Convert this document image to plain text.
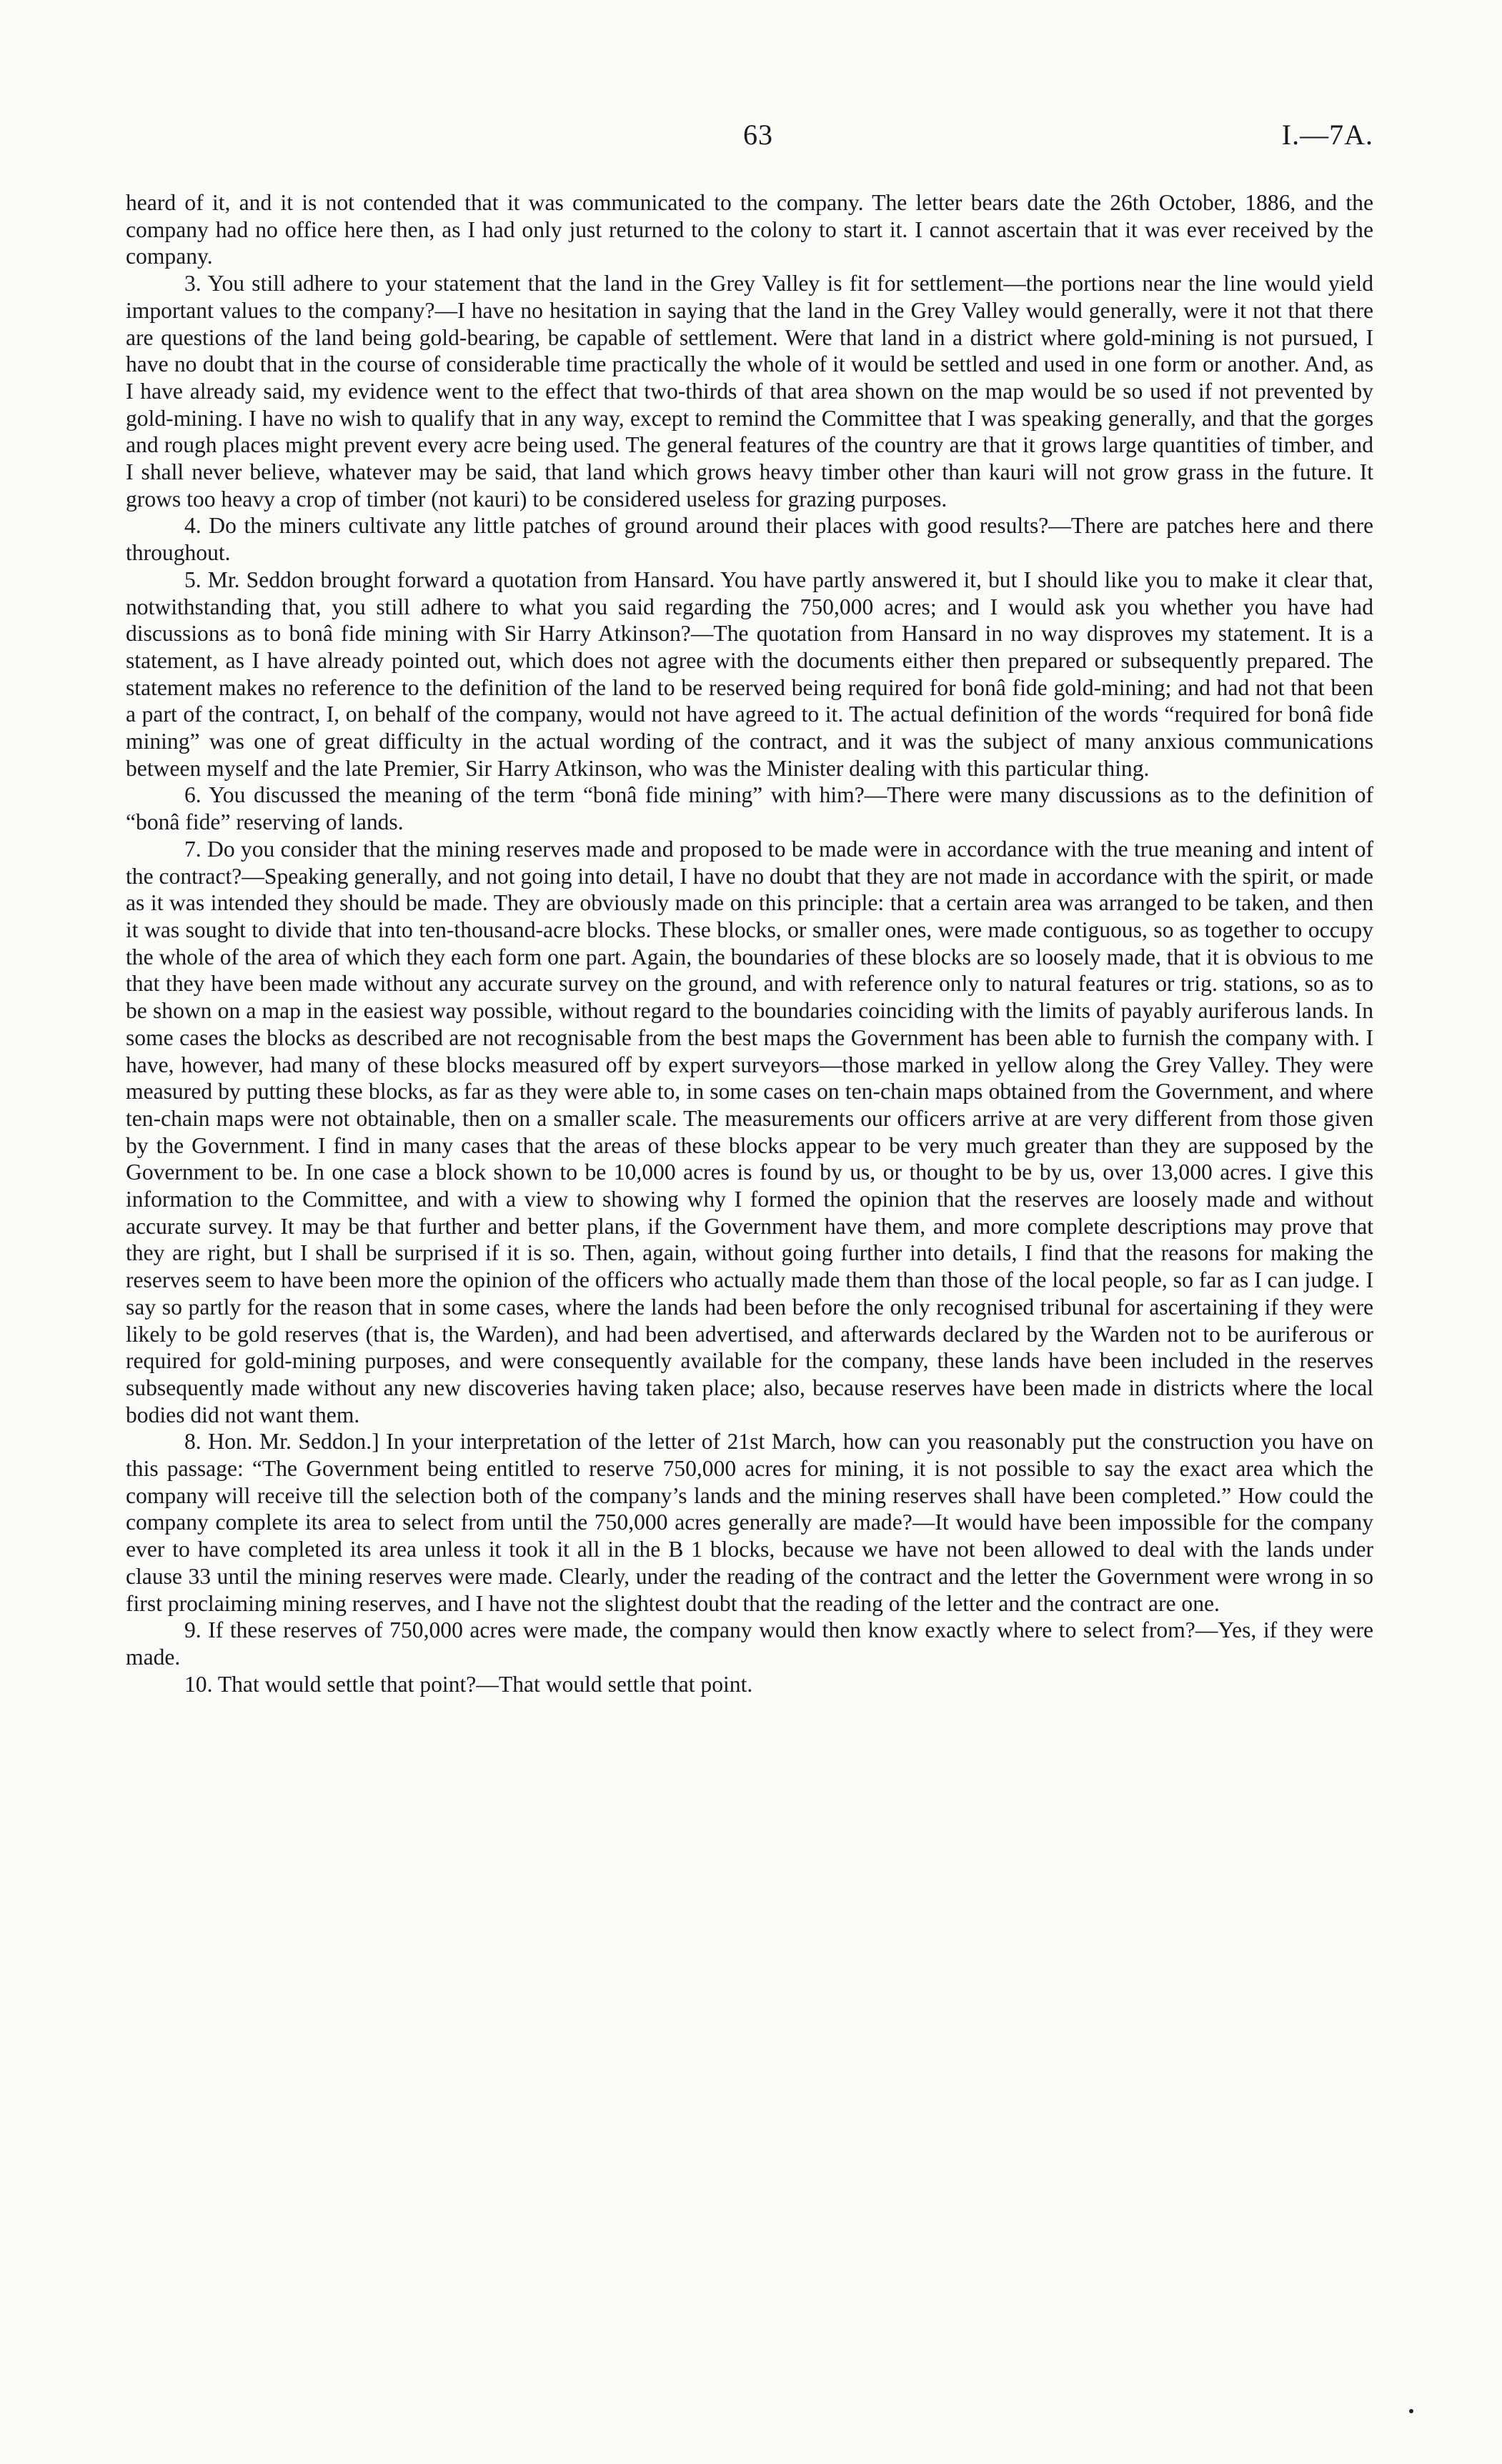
63	I.—7A.

heard of it, and it is not contended that it was communicated to the company. The letter bears date the 26th October, 1886, and the company had no office here then, as I had only just returned to the colony to start it. I cannot ascertain that it was ever received by the company.

3. You still adhere to your statement that the land in the Grey Valley is fit for settlement—the portions near the line would yield important values to the company?—I have no hesitation in saying that the land in the Grey Valley would generally, were it not that there are questions of the land being gold-bearing, be capable of settlement. Were that land in a district where gold-mining is not pursued, I have no doubt that in the course of considerable time practically the whole of it would be settled and used in one form or another. And, as I have already said, my evidence went to the effect that two-thirds of that area shown on the map would be so used if not prevented by gold-mining. I have no wish to qualify that in any way, except to remind the Committee that I was speaking generally, and that the gorges and rough places might prevent every acre being used. The general features of the country are that it grows large quantities of timber, and I shall never believe, whatever may be said, that land which grows heavy timber other than kauri will not grow grass in the future. It grows too heavy a crop of timber (not kauri) to be considered useless for grazing purposes.

4. Do the miners cultivate any little patches of ground around their places with good results?—There are patches here and there throughout.

5. Mr. Seddon brought forward a quotation from Hansard. You have partly answered it, but I should like you to make it clear that, notwithstanding that, you still adhere to what you said regarding the 750,000 acres; and I would ask you whether you have had discussions as to bonâ fide mining with Sir Harry Atkinson?—The quotation from Hansard in no way disproves my statement. It is a statement, as I have already pointed out, which does not agree with the documents either then prepared or subsequently prepared. The statement makes no reference to the definition of the land to be reserved being required for bonâ fide gold-mining; and had not that been a part of the contract, I, on behalf of the company, would not have agreed to it. The actual definition of the words “required for bonâ fide mining” was one of great difficulty in the actual wording of the contract, and it was the subject of many anxious communications between myself and the late Premier, Sir Harry Atkinson, who was the Minister dealing with this particular thing.

6. You discussed the meaning of the term “bonâ fide mining” with him?—There were many discussions as to the definition of “bonâ fide” reserving of lands.

7. Do you consider that the mining reserves made and proposed to be made were in accordance with the true meaning and intent of the contract?—Speaking generally, and not going into detail, I have no doubt that they are not made in accordance with the spirit, or made as it was intended they should be made. They are obviously made on this principle: that a certain area was arranged to be taken, and then it was sought to divide that into ten-thousand-acre blocks. These blocks, or smaller ones, were made contiguous, so as together to occupy the whole of the area of which they each form one part. Again, the boundaries of these blocks are so loosely made, that it is obvious to me that they have been made without any accurate survey on the ground, and with reference only to natural features or trig. stations, so as to be shown on a map in the easiest way possible, without regard to the boundaries coinciding with the limits of payably auriferous lands. In some cases the blocks as described are not recognisable from the best maps the Government has been able to furnish the company with. I have, however, had many of these blocks measured off by expert surveyors—those marked in yellow along the Grey Valley. They were measured by putting these blocks, as far as they were able to, in some cases on ten-chain maps obtained from the Government, and where ten-chain maps were not obtainable, then on a smaller scale. The measurements our officers arrive at are very different from those given by the Government. I find in many cases that the areas of these blocks appear to be very much greater than they are supposed by the Government to be. In one case a block shown to be 10,000 acres is found by us, or thought to be by us, over 13,000 acres. I give this information to the Committee, and with a view to showing why I formed the opinion that the reserves are loosely made and without accurate survey. It may be that further and better plans, if the Government have them, and more complete descriptions may prove that they are right, but I shall be surprised if it is so. Then, again, without going further into details, I find that the reasons for making the reserves seem to have been more the opinion of the officers who actually made them than those of the local people, so far as I can judge. I say so partly for the reason that in some cases, where the lands had been before the only recognised tribunal for ascertaining if they were likely to be gold reserves (that is, the Warden), and had been advertised, and afterwards declared by the Warden not to be auriferous or required for gold-mining purposes, and were consequently available for the company, these lands have been included in the reserves subsequently made without any new discoveries having taken place; also, because reserves have been made in districts where the local bodies did not want them.

8. Hon. Mr. Seddon.] In your interpretation of the letter of 21st March, how can you reasonably put the construction you have on this passage: “The Government being entitled to reserve 750,000 acres for mining, it is not possible to say the exact area which the company will receive till the selection both of the company’s lands and the mining reserves shall have been completed.” How could the company complete its area to select from until the 750,000 acres generally are made?—It would have been impossible for the company ever to have completed its area unless it took it all in the B 1 blocks, because we have not been allowed to deal with the lands under clause 33 until the mining reserves were made. Clearly, under the reading of the contract and the letter the Government were wrong in so first proclaiming mining reserves, and I have not the slightest doubt that the reading of the letter and the contract are one.

9. If these reserves of 750,000 acres were made, the company would then know exactly where to select from?—Yes, if they were made.

10. That would settle that point?—That would settle that point.
